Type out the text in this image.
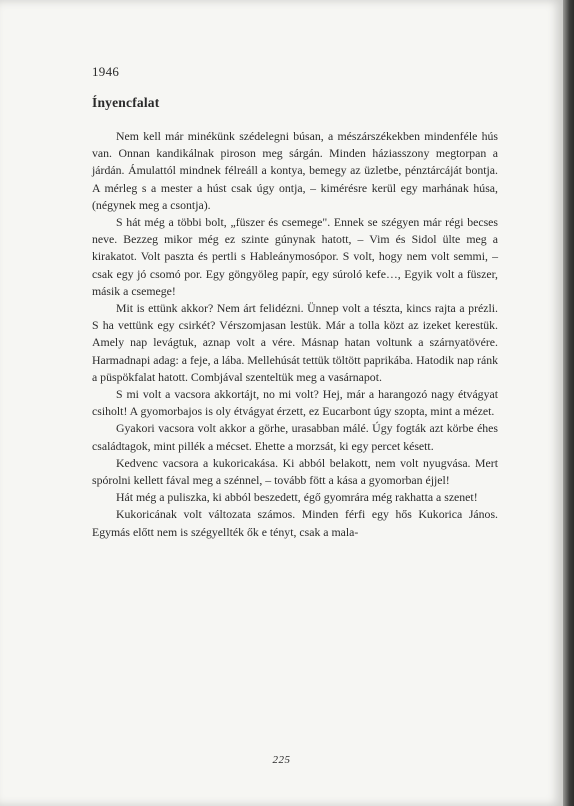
1946
Ínyencfalat

Nem kell már minékünk szédelegni búsan, a mészárszékekben mindenféle hús van. Onnan kandikálnak piroson meg sárgán. Minden háziasszony megtorpan a járdán. Ámulattól mindnek félreáll a kontya, bemegy az üzletbe, pénztárcáját bontja. A mérleg s a mester a húst csak úgy ontja, – kimérésre kerül egy marhának húsa, (négynek meg a csontja).

S hát még a többi bolt, „füszer és csemege". Ennek se szégyen már régi becses neve. Bezzeg mikor még ez szinte gúnynak hatott, – Vim és Sidol ülte meg a kirakatot. Volt paszta és pertli s Hableánymosópor. S volt, hogy nem volt semmi, – csak egy jó csomó por. Egy göngyöleg papír, egy súroló kefe…, Egyik volt a füszer, másik a csemege!

Mit is ettünk akkor? Nem árt felidézni. Ünnep volt a tészta, kincs rajta a prézli. S ha vettünk egy csirkét? Vérszomjasan lestük. Már a tolla közt az izeket kerestük. Amely nap levágtuk, aznap volt a vére. Másnap hatan voltunk a szárnyatövére. Harmadnapi adag: a feje, a lába. Mellehúsát tettük töltött paprikába. Hatodik nap ránk a püspökfalat hatott. Combjával szenteltük meg a vasárnapot.

S mi volt a vacsora akkortájt, no mi volt? Hej, már a harangozó nagy étvágyat csiholt! A gyomorbajos is oly étvágyat érzett, ez Eucarbont úgy szopta, mint a mézet.

Gyakori vacsora volt akkor a görhe, urasabban málé. Úgy fogták azt körbe éhes családtagok, mint pillék a mécset. Ehette a morzsát, ki egy percet késett.

Kedvenc vacsora a kukoricakása. Ki abból belakott, nem volt nyugvása. Mert spórolni kellett fával meg a szénnel, – tovább fött a kása a gyomorban éjjel!

Hát még a puliszka, ki abból beszedett, égő gyomrára még rakhatta a szenet!

Kukoricának volt változata számos. Minden férfi egy hős Kukorica János. Egymás előtt nem is szégyellték ők e tényt, csak a mala-

225
